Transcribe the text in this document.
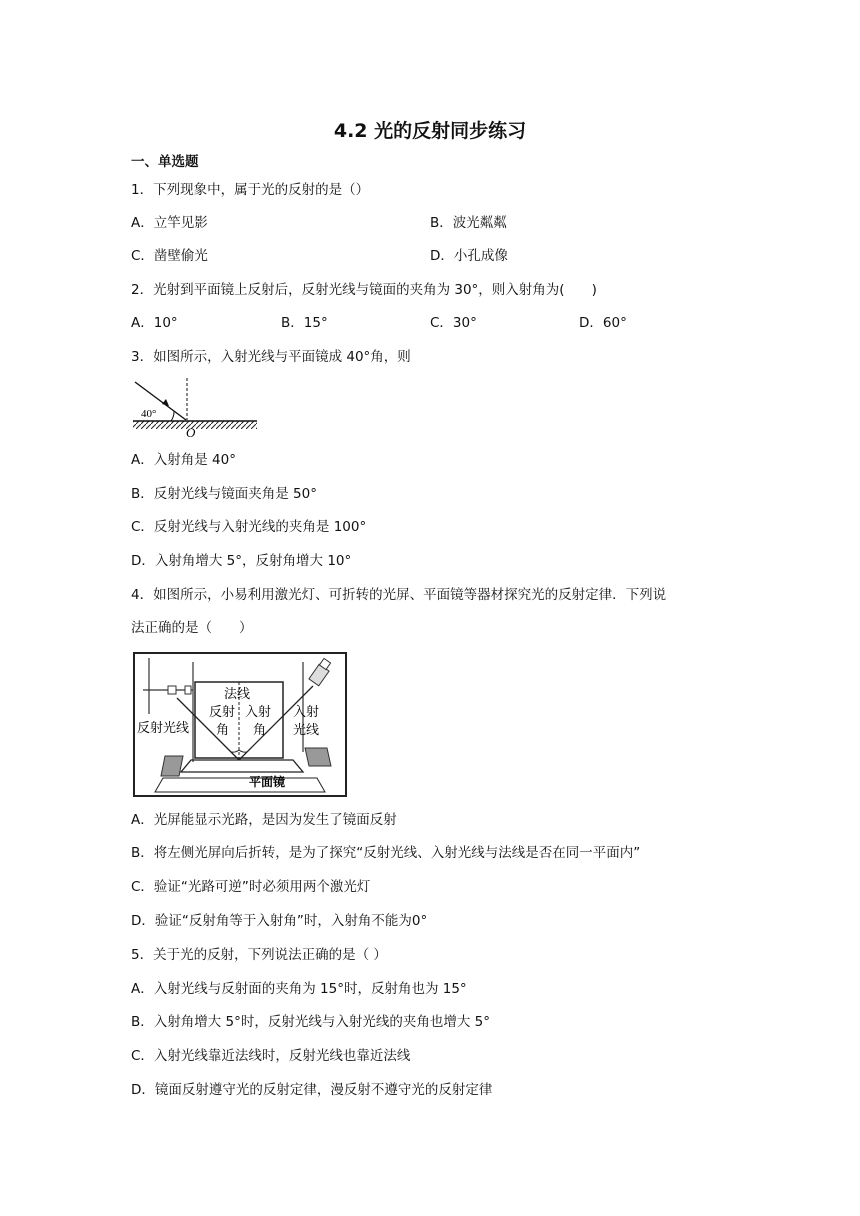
4.2 光的反射同步练习
一、单选题
1．下列现象中，属于光的反射的是（）
A．立竿见影	B．波光粼粼
C．凿壁偷光	D．小孔成像
2．光射到平面镜上反射后，反射光线与镜面的夹角为 30°，则入射角为(　　)
A．10°	B．15°	C．30°	D．60°
3．如图所示，入射光线与平面镜成 40°角，则
40°
O
A．入射角是 40°
B．反射光线与镜面夹角是 50°
C．反射光线与入射光线的夹角是 100°
D．入射角增大 5°，反射角增大 10°
4．如图所示，小易利用激光灯、可折转的光屏、平面镜等器材探究光的反射定律．下列说
法正确的是（　　）
法线
反射
角
入射
角
反射光线
入射
光线
平面镜
A．光屏能显示光路，是因为发生了镜面反射
B．将左侧光屏向后折转，是为了探究“反射光线、入射光线与法线是否在同一平面内”
C．验证“光路可逆”时必须用两个激光灯
D．验证“反射角等于入射角”时，入射角不能为0°
5．关于光的反射，下列说法正确的是（ ）
A．入射光线与反射面的夹角为 15°时，反射角也为 15°
B．入射角增大 5°时，反射光线与入射光线的夹角也增大 5°
C．入射光线靠近法线时，反射光线也靠近法线
D．镜面反射遵守光的反射定律，漫反射不遵守光的反射定律
